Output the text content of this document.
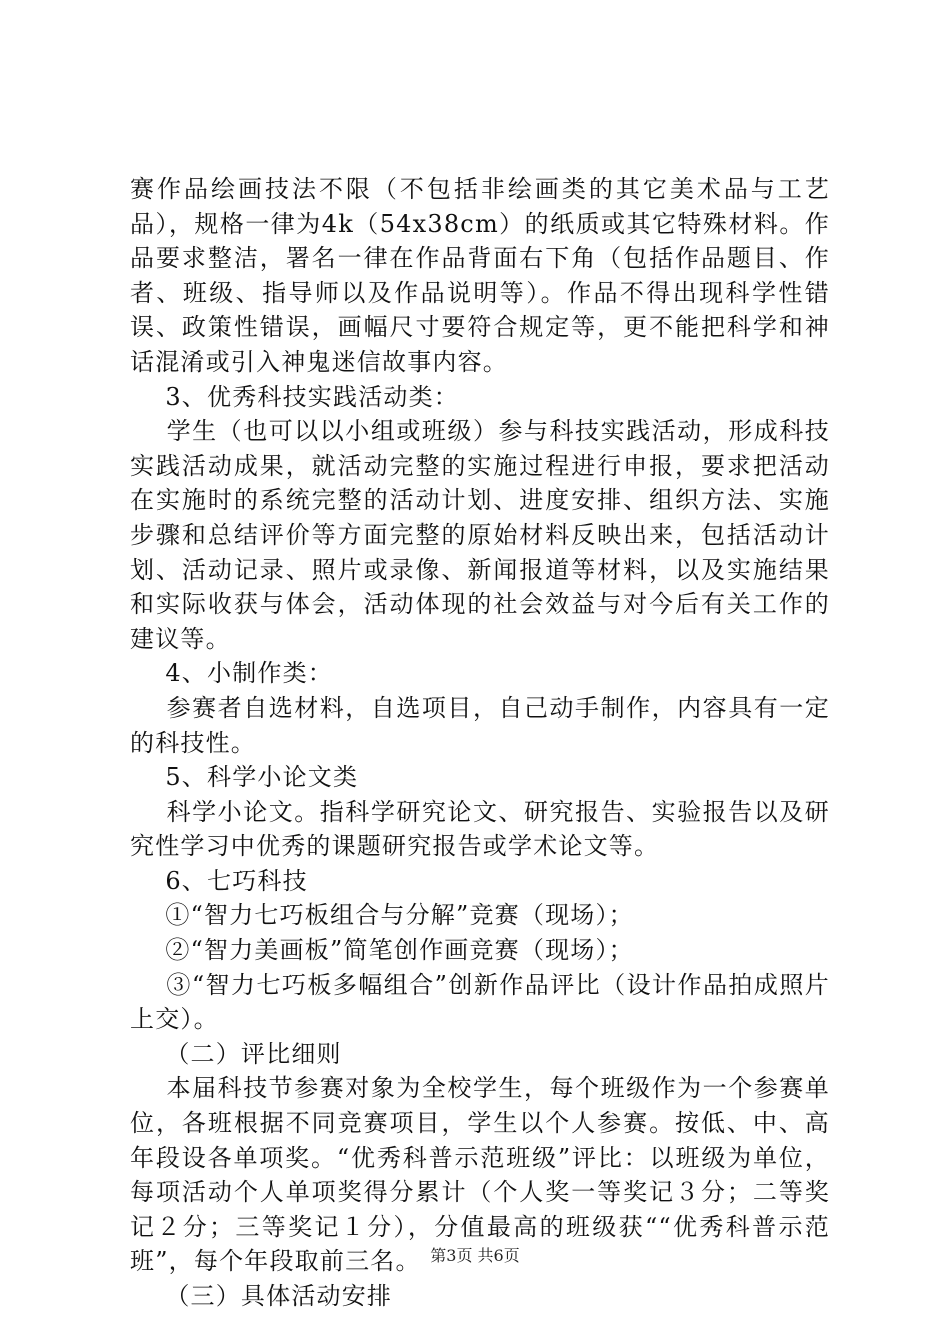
赛作品绘画技法不限（不包括非绘画类的其它美术品与工艺品），规格一律为4k（54x38cm）的纸质或其它特殊材料。作品要求整洁，署名一律在作品背面右下角（包括作品题目、作者、班级、指导师以及作品说明等）。作品不得出现科学性错误、政策性错误，画幅尺寸要符合规定等，更不能把科学和神话混淆或引入神鬼迷信故事内容。

3、优秀科技实践活动类：

学生（也可以以小组或班级）参与科技实践活动，形成科技实践活动成果，就活动完整的实施过程进行申报，要求把活动在实施时的系统完整的活动计划、进度安排、组织方法、实施步骤和总结评价等方面完整的原始材料反映出来，包括活动计划、活动记录、照片或录像、新闻报道等材料，以及实施结果和实际收获与体会，活动体现的社会效益与对今后有关工作的建议等。

4、小制作类：

参赛者自选材料，自选项目，自己动手制作，内容具有一定的科技性。

5、科学小论文类

科学小论文。指科学研究论文、研究报告、实验报告以及研究性学习中优秀的课题研究报告或学术论文等。

6、七巧科技

①“智力七巧板组合与分解”竞赛（现场）；

②“智力美画板”简笔创作画竞赛（现场）；

③“智力七巧板多幅组合”创新作品评比（设计作品拍成照片上交）。

（二）评比细则

本届科技节参赛对象为全校学生，每个班级作为一个参赛单位，各班根据不同竞赛项目，学生以个人参赛。按低、中、高年段设各单项奖。“优秀科普示范班级”评比：以班级为单位，每项活动个人单项奖得分累计（个人奖一等奖记３分；二等奖记２分；三等奖记１分），分值最高的班级获““优秀科普示范班”，每个年段取前三名。

（三）具体活动安排

第3页 共6页
